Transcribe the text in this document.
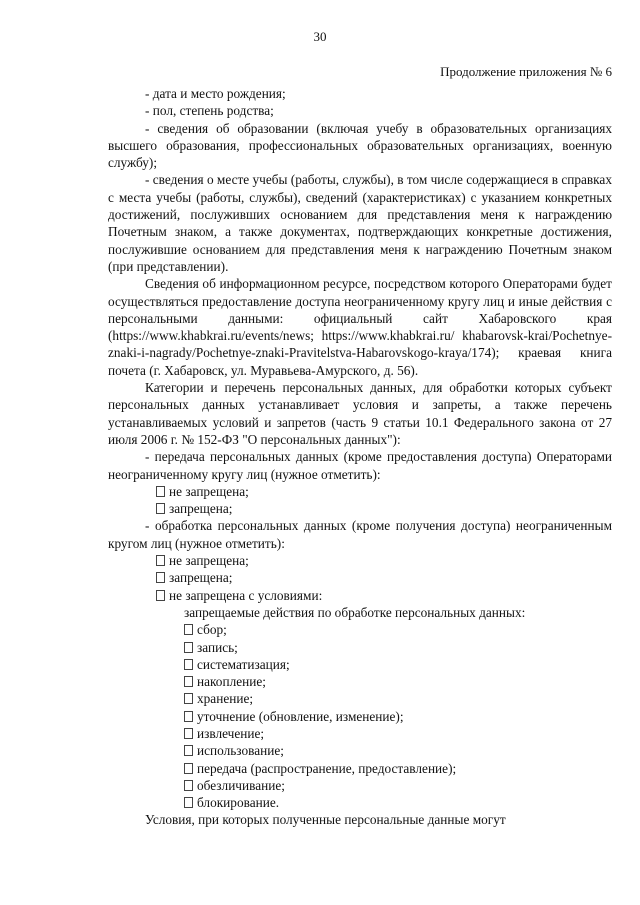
30
Продолжение приложения № 6

- дата и место рождения;

- пол, степень родства;

- сведения об образовании (включая учебу в образовательных организациях высшего образования, профессиональных образовательных организациях, военную службу);

- сведения о месте учебы (работы, службы), в том числе содержащиеся в справках с места учебы (работы, службы), сведений (характеристиках) с указанием конкретных достижений, послуживших основанием для представления меня к награждению Почетным знаком, а также документах, подтверждающих конкретные достижения, послужившие основанием для представления меня к награждению Почетным знаком (при представлении).

Сведения об информационном ресурсе, посредством которого Операторами будет осуществляться предоставление доступа неограниченному кругу лиц и иные действия с персональными данными: официальный сайт Хабаровского края (https://www.khabkrai.ru/events/news; https://www.khabkrai.ru/ khabarovsk-krai/Pochetnye-znaki-i-nagrady/Pochetnye-znaki-Pravitelstva-Habarovskogo-kraya/174); краевая книга почета (г. Хабаровск, ул. Муравьева-Амурского, д. 56).

Категории и перечень персональных данных, для обработки которых субъект персональных данных устанавливает условия и запреты, а также перечень устанавливаемых условий и запретов (часть 9 статьи 10.1 Федерального закона от 27 июля 2006 г. № 152-ФЗ "О персональных данных"):

- передача персональных данных (кроме предоставления доступа) Операторами неограниченному кругу лиц (нужное отметить):

не запрещена;
запрещена;

- обработка персональных данных (кроме получения доступа) неограниченным кругом лиц (нужное отметить):

не запрещена;
запрещена;
не запрещена с условиями:
запрещаемые действия по обработке персональных данных:
сбор;
запись;
систематизация;
накопление;
хранение;
уточнение (обновление, изменение);
извлечение;
использование;
передача (распространение, предоставление);
обезличивание;
блокирование.

Условия, при которых полученные персональные данные могут
